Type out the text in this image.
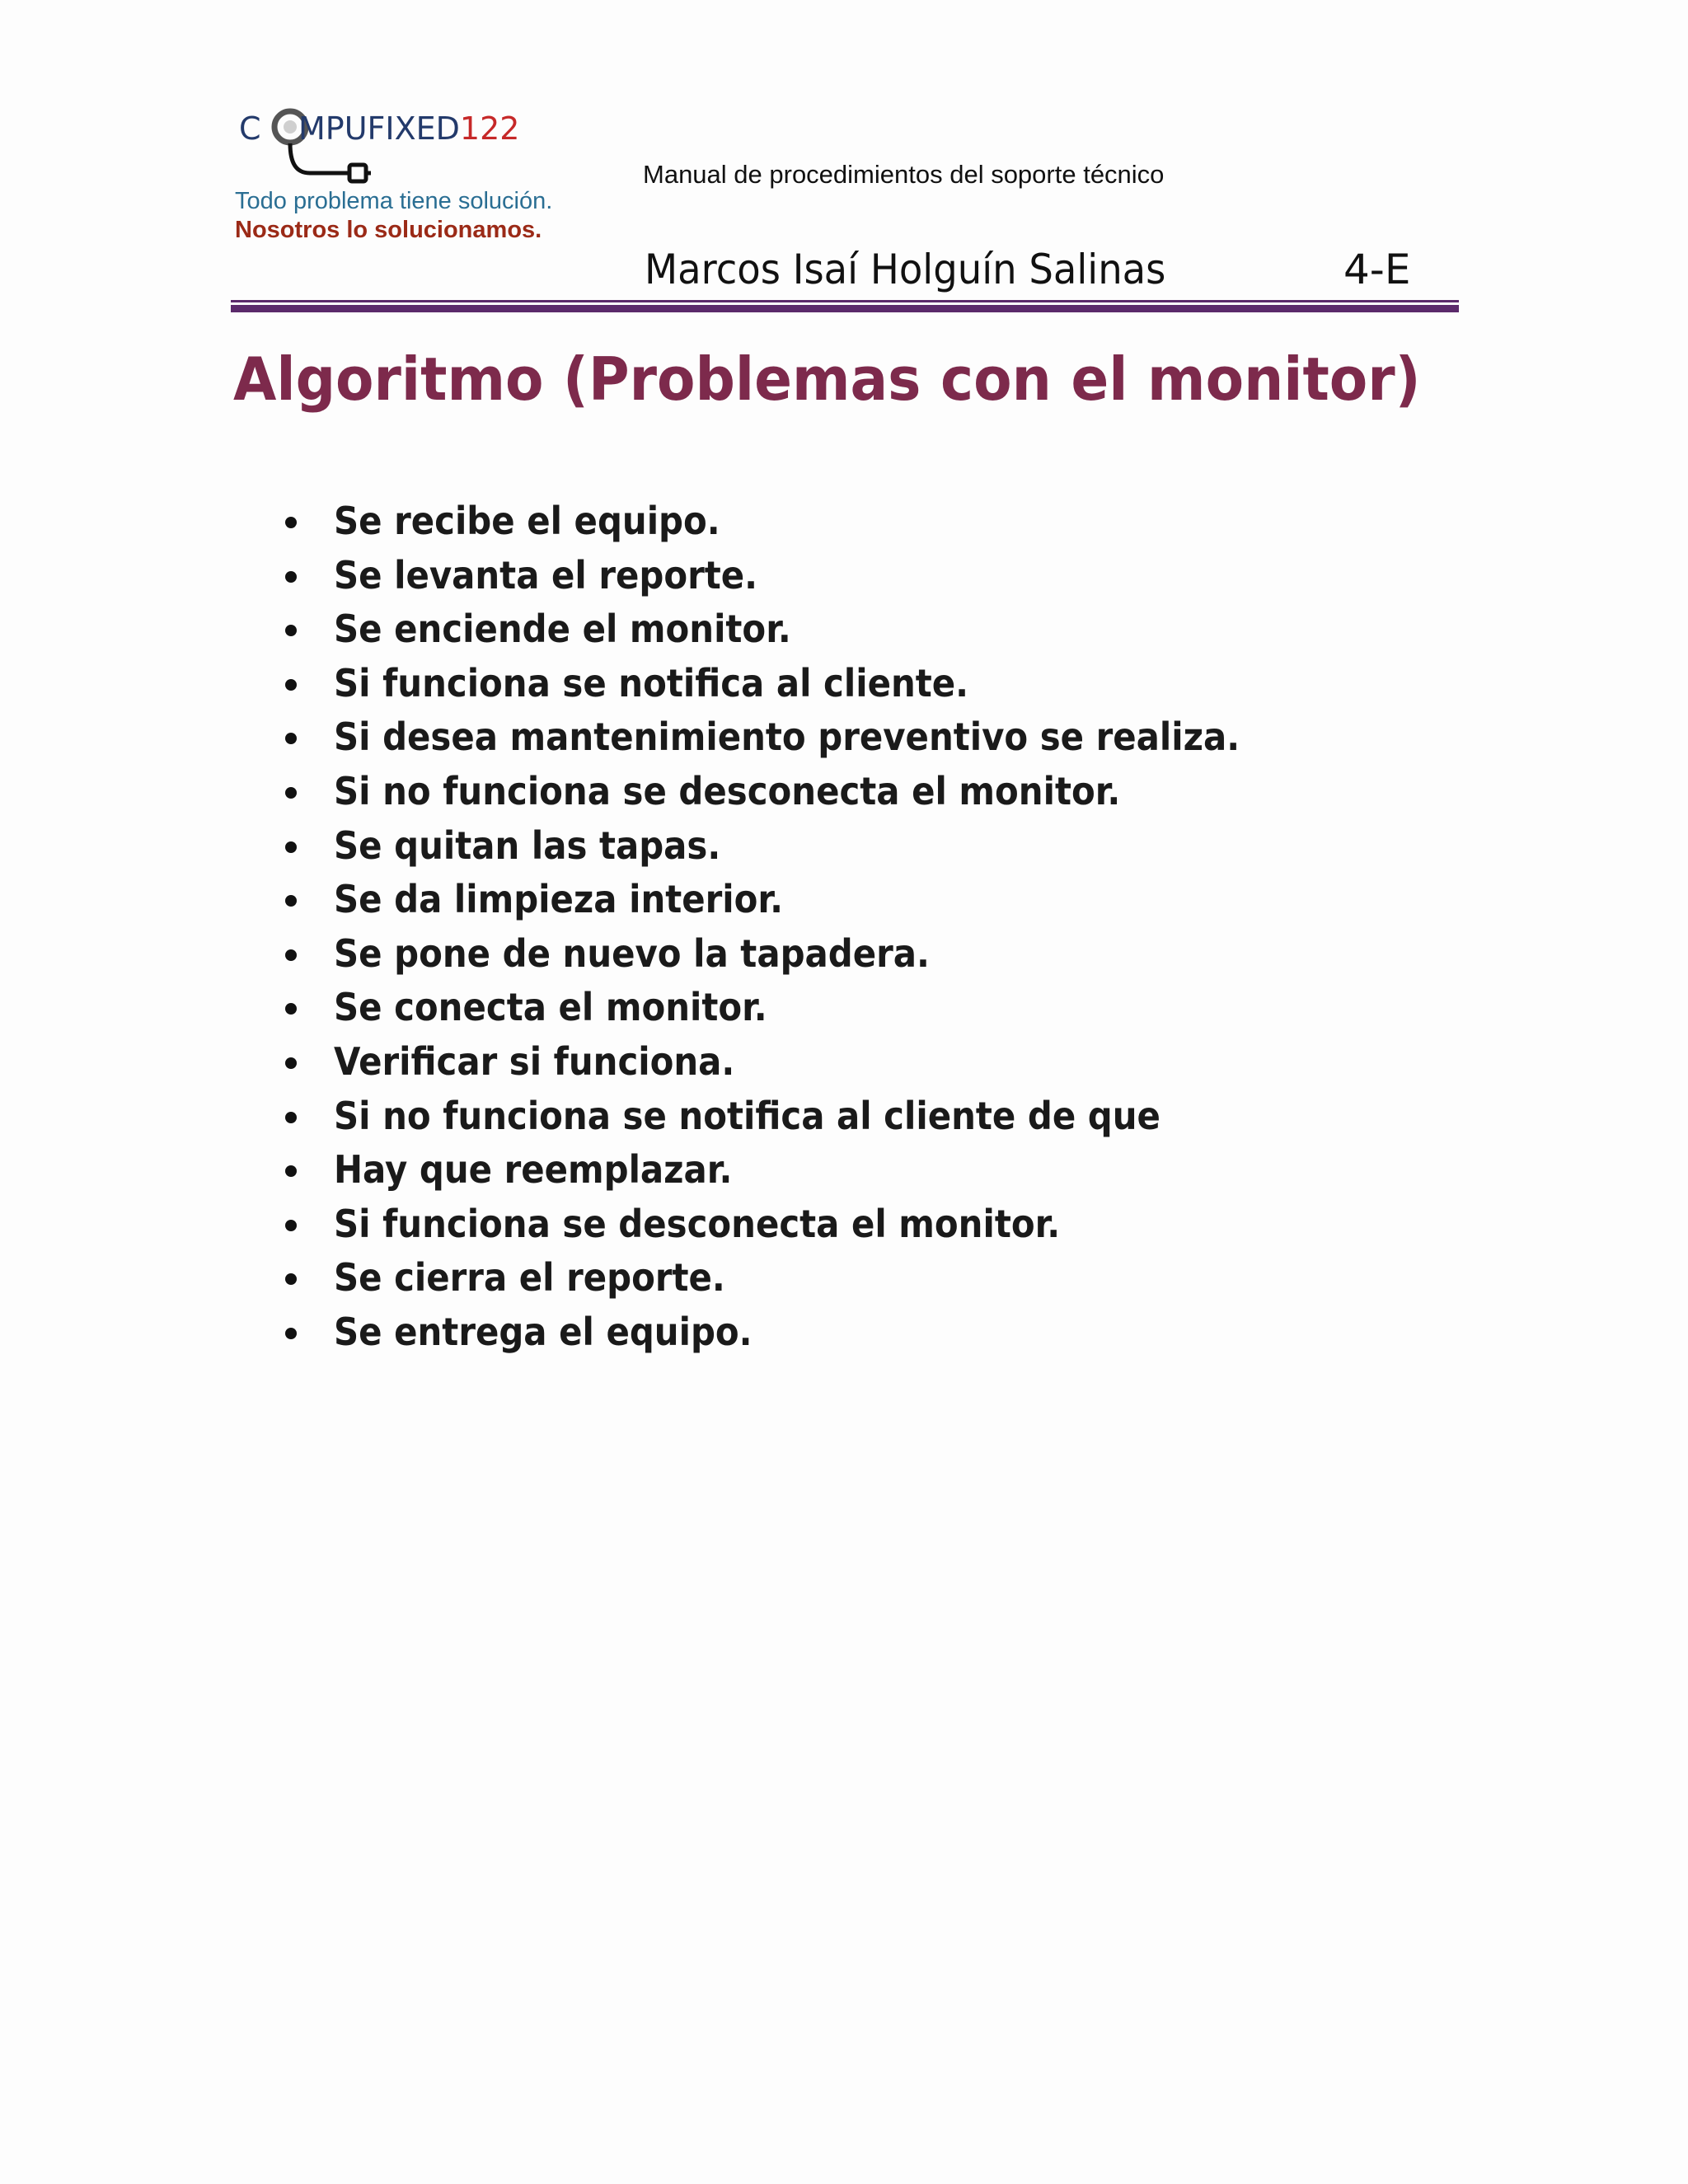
C MPUFIXED122
Todo problema tiene solución.
Nosotros lo solucionamos.
Manual de procedimientos del soporte técnico
Marcos Isaí Holguín Salinas	4-E
Algoritmo (Problemas con el monitor)
Se recibe el equipo.
Se levanta el reporte.
Se enciende el monitor.
Si funciona se notifica al cliente.
Si desea mantenimiento preventivo se realiza.
Si no funciona se desconecta el monitor.
Se quitan las tapas.
Se da limpieza interior.
Se pone de nuevo la tapadera.
Se conecta el monitor.
Verificar si funciona.
Si no funciona se notifica al cliente de que
Hay que reemplazar.
Si funciona se desconecta el monitor.
Se cierra el reporte.
Se entrega el equipo.
